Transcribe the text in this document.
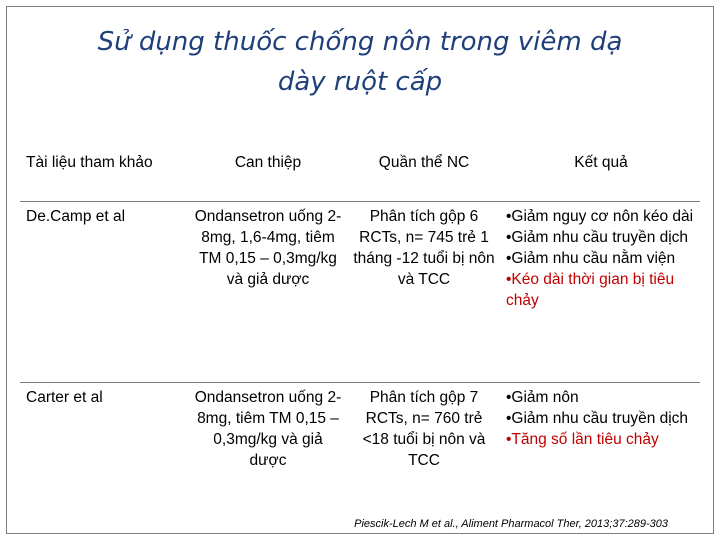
Sử dụng thuốc chống nôn trong viêm dạ
dày ruột cấp
Tài liệu tham khảo	Can thiệp	Quần thể NC	Kết quả
De.Camp et al	Ondansetron uống 2-8mg, 1,6-4mg, tiêm TM 0,15 – 0,3mg/kg và giả dược	Phân tích gộp 6 RCTs, n= 745 trẻ 1 tháng -12 tuổi bị nôn và TCC	•Giảm nguy cơ nôn kéo dài
•Giảm nhu cầu truyền dịch
•Giảm nhu cầu nằm viện
•Kéo dài thời gian bị tiêu chảy

Carter et al	Ondansetron uống 2-8mg, tiêm TM 0,15 – 0,3mg/kg và giả dược	Phân tích gộp 7 RCTs, n= 760 trẻ <18 tuổi bị nôn và TCC	•Giảm nôn
•Giảm nhu cầu truyền dịch
•Tăng số lần tiêu chảy
Piescik-Lech M et al., Aliment Pharmacol Ther, 2013;37:289-303
